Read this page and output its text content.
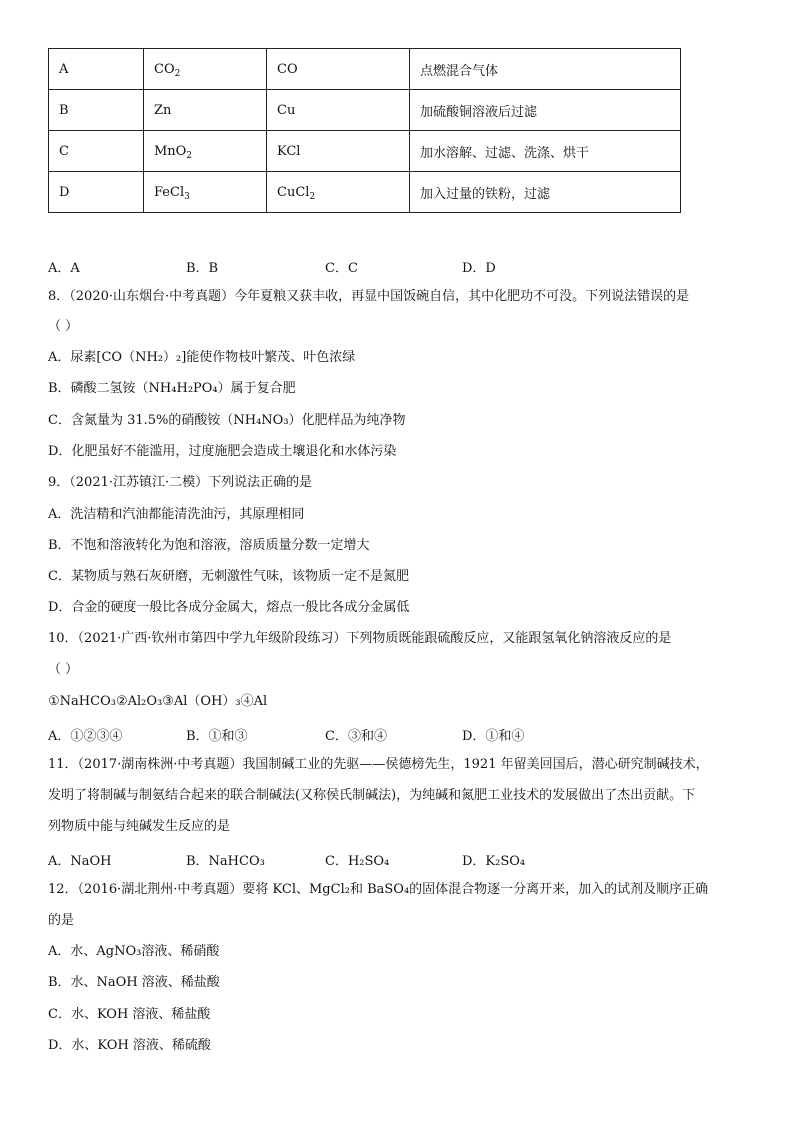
A	$CO_2$	CO	点燃混合气体
B	Zn	Cu	加硫酸铜溶液后过滤
C	MnO$_2$	KCl	加水溶解、过滤、洗涤、烘干
D	FeCl$_3$	CuCl$_2$	加入过量的铁粉，过滤
A．A	B．B	C．C	D．D
8．（2020·山东烟台·中考真题）今年夏粮又获丰收，再显中国饭碗自信，其中化肥功不可没。下列说法错误的是
（ ）
A．尿素[CO（NH₂）₂]能使作物枝叶繁茂、叶色浓绿
B．磷酸二氢铵（NH₄H₂PO₄）属于复合肥
C．含氮量为 31.5%的硝酸铵（NH₄NO₃）化肥样品为纯净物
D．化肥虽好不能滥用，过度施肥会造成土壤退化和水体污染
9．（2021·江苏镇江·二模）下列说法正确的是
A．洗洁精和汽油都能清洗油污，其原理相同
B．不饱和溶液转化为饱和溶液，溶质质量分数一定增大
C．某物质与熟石灰研磨，无刺激性气味，该物质一定不是氮肥
D．合金的硬度一般比各成分金属大，熔点一般比各成分金属低
10．（2021·广西·钦州市第四中学九年级阶段练习）下列物质既能跟硫酸反应，又能跟氢氧化钠溶液反应的是
（ ）
①NaHCO₃②Al₂O₃③Al（OH）₃④Al
A．①②③④	B．①和③	C．③和④	D．①和④
11．（2017·湖南株洲·中考真题）我国制碱工业的先驱——侯德榜先生，1921 年留美回国后，潜心研究制碱技术，
发明了将制碱与制氨结合起来的联合制碱法(又称侯氏制碱法)，为纯碱和氮肥工业技术的发展做出了杰出贡献。下
列物质中能与纯碱发生反应的是
A．NaOH	B．NaHCO₃	C．H₂SO₄	D．K₂SO₄
12．（2016·湖北荆州·中考真题）要将 KCl、MgCl₂和 BaSO₄的固体混合物逐一分离开来，加入的试剂及顺序正确
的是
A．水、AgNO₃溶液、稀硝酸
B．水、NaOH 溶液、稀盐酸
C．水、KOH 溶液、稀盐酸
D．水、KOH 溶液、稀硫酸
